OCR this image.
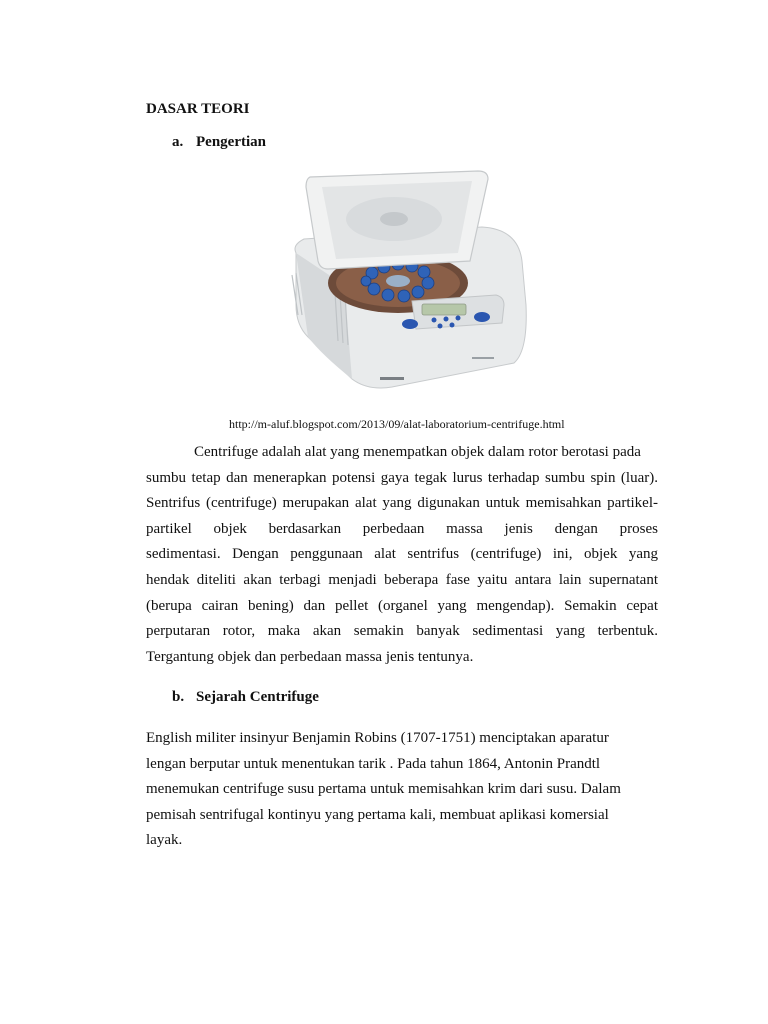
DASAR TEORI
a. Pengertian
http://m-aluf.blogspot.com/2013/09/alat-laboratorium-centrifuge.html
Centrifuge adalah alat yang menempatkan objek dalam rotor berotasi pada
sumbu tetap dan menerapkan potensi gaya tegak lurus terhadap sumbu spin (luar).
Sentrifus (centrifuge) merupakan alat yang digunakan untuk memisahkan partikel-
partikel objek berdasarkan perbedaan massa jenis dengan proses
sedimentasi. Dengan penggunaan alat sentrifus (centrifuge) ini, objek yang
hendak diteliti akan terbagi menjadi beberapa fase yaitu antara lain supernatant
(berupa cairan bening) dan pellet (organel yang mengendap). Semakin cepat
perputaran rotor, maka akan semakin banyak sedimentasi yang terbentuk.
Tergantung objek dan perbedaan massa jenis tentunya.
b. Sejarah Centrifuge
English militer insinyur Benjamin Robins (1707-1751) menciptakan aparatur
lengan berputar untuk menentukan tarik . Pada tahun 1864, Antonin Prandtl
menemukan centrifuge susu pertama untuk memisahkan krim dari susu. Dalam
pemisah sentrifugal kontinyu yang pertama kali, membuat aplikasi komersial
layak.
